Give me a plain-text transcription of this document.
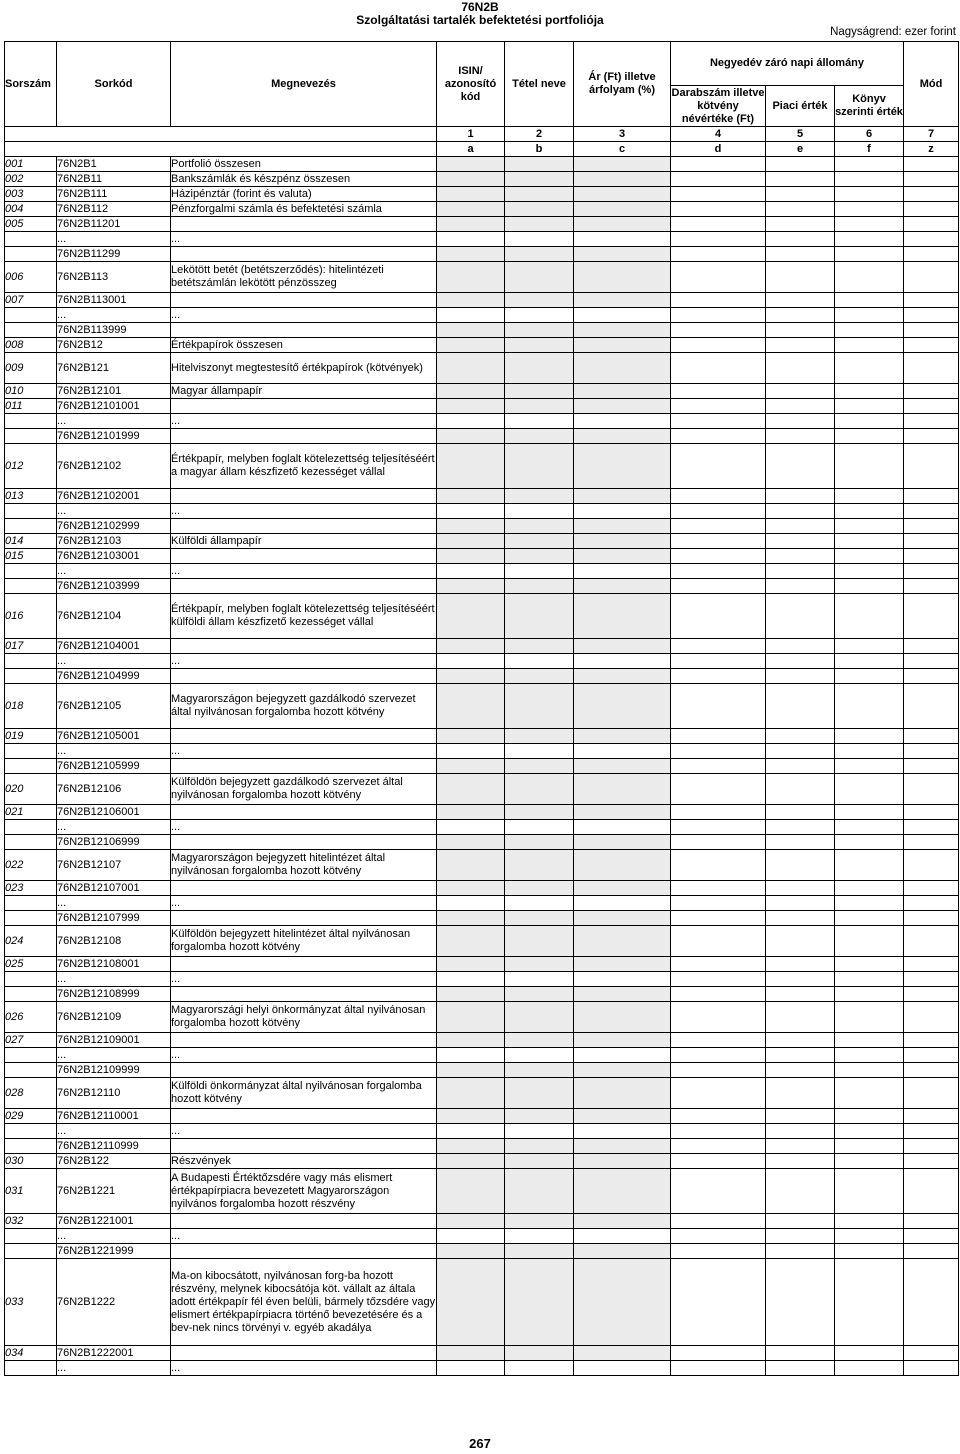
76N2B
Szolgáltatási tartalék befektetési portfoliója
Nagyságrend: ezer forint
Sorszám	Sorkód	Megnevezés	ISIN/ azonosító kód	Tétel neve	Ár (Ft) illetve árfolyam (%)	Negyedév záró napi állomány			Mód
						Darabszám illetve kötvény névértéke (Ft)	Piaci érték	Könyv szerinti érték	
			1	2	3	4	5	6	7
			a	b	c	d	e	f	z
001	76N2B1	Portfolió összesen							
002	76N2B11	Bankszámlák és készpénz összesen							
003	76N2B111	Házipénztár (forint és valuta)							
004	76N2B112	Pénzforgalmi számla és befektetési számla							
005	76N2B11201								
	...	...							
	76N2B11299								
006	76N2B113	Lekötött betét (betétszerződés): hitelintézeti betétszámlán lekötött pénzösszeg							
007	76N2B113001								
	...	...							
	76N2B113999								
008	76N2B12	Értékpapírok összesen							
009	76N2B121	Hitelviszonyt megtestesítő értékpapírok (kötvények)							
010	76N2B12101	Magyar állampapír							
011	76N2B12101001								
	...	...							
	76N2B12101999								
012	76N2B12102	Értékpapír, melyben foglalt kötelezettség teljesítéséért a magyar állam készfizető kezességet vállal							
013	76N2B12102001								
	...	...							
	76N2B12102999								
014	76N2B12103	Külföldi állampapír							
015	76N2B12103001								
	...	...							
	76N2B12103999								
016	76N2B12104	Értékpapír, melyben foglalt kötelezettség teljesítéséért külföldi állam készfizető kezességet vállal							
017	76N2B12104001								
	...	...							
	76N2B12104999								
018	76N2B12105	Magyarországon bejegyzett gazdálkodó szervezet által nyilvánosan forgalomba hozott kötvény							
019	76N2B12105001								
	...	...							
	76N2B12105999								
020	76N2B12106	Külföldön bejegyzett gazdálkodó szervezet által nyilvánosan forgalomba hozott kötvény							
021	76N2B12106001								
	...	...							
	76N2B12106999								
022	76N2B12107	Magyarországon bejegyzett hitelintézet által nyilvánosan forgalomba hozott kötvény							
023	76N2B12107001								
	...	...							
	76N2B12107999								
024	76N2B12108	Külföldön bejegyzett hitelintézet által nyilvánosan forgalomba hozott kötvény							
025	76N2B12108001								
	...	...							
	76N2B12108999								
026	76N2B12109	Magyarországi helyi önkormányzat által nyilvánosan forgalomba hozott kötvény							
027	76N2B12109001								
	...	...							
	76N2B12109999								
028	76N2B12110	Külföldi önkormányzat által nyilvánosan forgalomba hozott kötvény							
029	76N2B12110001								
	...	...							
	76N2B12110999								
030	76N2B122	Részvények							
031	76N2B1221	A Budapesti Értéktőzsdére vagy más elismert értékpapírpiacra bevezetett Magyarországon nyilvános forgalomba hozott részvény							
032	76N2B1221001								
	...	...							
	76N2B1221999								
033	76N2B1222	Ma-on kibocsátott, nyilvánosan forg-ba hozott részvény, melynek kibocsátója köt. vállalt az általa adott értékpapír fél éven belüli, bármely tőzsdére vagy elismert értékpapírpiacra történő bevezetésére és a bev-nek nincs törvényi v. egyéb akadálya							
034	76N2B1222001								
	...	...							
267
